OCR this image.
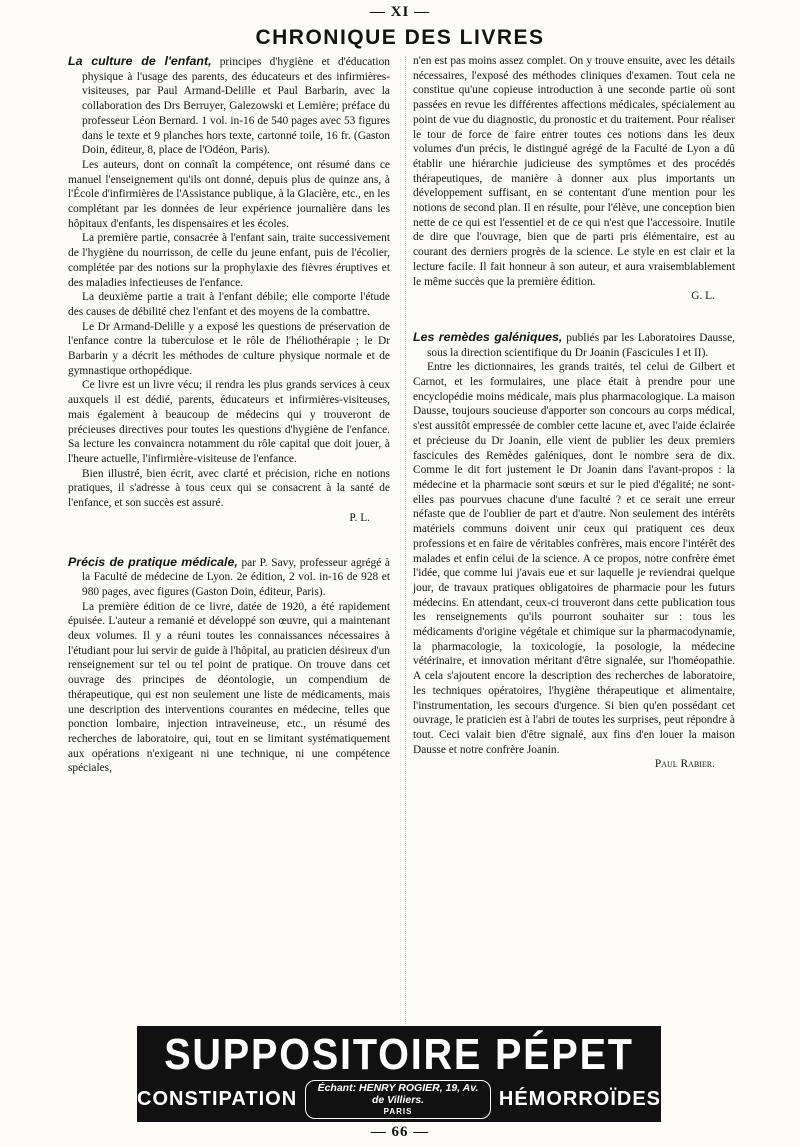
— XI —
CHRONIQUE DES LIVRES

La culture de l'enfant, principes d'hygiène et d'éducation physique à l'usage des parents, des éducateurs et des infirmières-visiteuses, par Paul Armand-Delille et Paul Barbarin, avec la collaboration des Drs Berruyer, Galezowski et Lemière; préface du professeur Léon Bernard. 1 vol. in-16 de 540 pages avec 53 figures dans le texte et 9 planches hors texte, cartonné toile, 16 fr. (Gaston Doin, éditeur, 8, place de l'Odéon, Paris).

Les auteurs, dont on connaît la compétence, ont résumé dans ce manuel l'enseignement qu'ils ont donné, depuis plus de quinze ans, à l'École d'infirmières de l'Assistance publique, à la Glacière, etc., en les complétant par les données de leur expérience journalière dans les hôpitaux d'enfants, les dispensaires et les écoles.

La première partie, consacrée à l'enfant sain, traite successivement de l'hygiène du nourrisson, de celle du jeune enfant, puis de l'écolier, complétée par des notions sur la prophylaxie des fièvres éruptives et des maladies infectieuses de l'enfance.

La deuxième partie a trait à l'enfant débile; elle comporte l'étude des causes de débilité chez l'enfant et des moyens de la combattre.

Le Dr Armand-Delille y a exposé les questions de préservation de l'enfance contre la tuberculose et le rôle de l'héliothérapie ; le Dr Barbarin y a décrit les méthodes de culture physique normale et de gymnastique orthopédique.

Ce livre est un livre vécu; il rendra les plus grands services à ceux auxquels il est dédié, parents, éducateurs et infirmières-visiteuses, mais également à beaucoup de médecins qui y trouveront de précieuses directives pour toutes les questions d'hygiène de l'enfance. Sa lecture les convaincra notamment du rôle capital que doit jouer, à l'heure actuelle, l'infirmière-visiteuse de l'enfance.

Bien illustré, bien écrit, avec clarté et précision, riche en notions pratiques, il s'adresse à tous ceux qui se consacrent à la santé de l'enfance, et son succès est assuré.

P. L.

Précis de pratique médicale, par P. Savy, professeur agrégé à la Faculté de médecine de Lyon. 2e édition, 2 vol. in-16 de 928 et 980 pages, avec figures (Gaston Doin, éditeur, Paris).

La première édition de ce livre, datée de 1920, a été rapidement épuisée. L'auteur a remanié et développé son œuvre, qui a maintenant deux volumes. Il y a réuni toutes les connaissances nécessaires à l'étudiant pour lui servir de guide à l'hôpital, au praticien désireux d'un renseignement sur tel ou tel point de pratique. On trouve dans cet ouvrage des principes de déontologie, un compendium de thérapeutique, qui est non seulement une liste de médicaments, mais une description des interventions courantes en médecine, telles que ponction lombaire, injection intraveineuse, etc., un résumé des recherches de laboratoire, qui, tout en se limitant systématiquement aux opérations n'exigeant ni une technique, ni une compétence spéciales,

n'en est pas moins assez complet. On y trouve ensuite, avec les détails nécessaires, l'exposé des méthodes cliniques d'examen. Tout cela ne constitue qu'une copieuse introduction à une seconde partie où sont passées en revue les différentes affections médicales, spécialement au point de vue du diagnostic, du pronostic et du traitement. Pour réaliser le tour de force de faire entrer toutes ces notions dans les deux volumes d'un précis, le distingué agrégé de la Faculté de Lyon a dû établir une hiérarchie judicieuse des symptômes et des procédés thérapeutiques, de manière à donner aux plus importants un développement suffisant, en se contentant d'une mention pour les notions de second plan. Il en résulte, pour l'élève, une conception bien nette de ce qui est l'essentiel et de ce qui n'est que l'accessoire. Inutile de dire que l'ouvrage, bien que de parti pris élémentaire, est au courant des derniers progrès de la science. Le style en est clair et la lecture facile. Il fait honneur à son auteur, et aura vraisemblablement le même succès que la première édition.

G. L.

Les remèdes galéniques, publiés par les Laboratoires Dausse, sous la direction scientifique du Dr Joanin (Fascicules I et II).

Entre les dictionnaires, les grands traités, tel celui de Gilbert et Carnot, et les formulaires, une place était à prendre pour une encyclopédie moins médicale, mais plus pharmacologique. La maison Dausse, toujours soucieuse d'apporter son concours au corps médical, s'est aussitôt empressée de combler cette lacune et, avec l'aide éclairée et précieuse du Dr Joanin, elle vient de publier les deux premiers fascicules des Remèdes galéniques, dont le nombre sera de dix. Comme le dit fort justement le Dr Joanin dans l'avant-propos : la médecine et la pharmacie sont sœurs et sur le pied d'égalité; ne sont-elles pas pourvues chacune d'une faculté ? et ce serait une erreur néfaste que de l'oublier de part et d'autre. Non seulement des intérêts matériels communs doivent unir ceux qui pratiquent ces deux professions et en faire de véritables confrères, mais encore l'intérêt des malades et enfin celui de la science. A ce propos, notre confrère émet l'idée, que comme lui j'avais eue et sur laquelle je reviendrai quelque jour, de travaux pratiques obligatoires de pharmacie pour les futurs médecins. En attendant, ceux-ci trouveront dans cette publication tous les renseignements qu'ils pourront souhaiter sur : tous les médicaments d'origine végétale et chimique sur la pharmacodynamie, la pharmacologie, la toxicologie, la posologie, la médecine vétérinaire, et innovation méritant d'être signalée, sur l'homéopathie. A cela s'ajoutent encore la description des recherches de laboratoire, les techniques opératoires, l'hygiène thérapeutique et alimentaire, l'instrumentation, les secours d'urgence. Si bien qu'en possédant cet ouvrage, le praticien est à l'abri de toutes les surprises, peut répondre à tout. Ceci valait bien d'être signalé, aux fins d'en louer la maison Dausse et notre confrère Joanin.

Paul Rabier.

SUPPOSITOIRE PÉPET
CONSTIPATION	Échant: HENRY ROGIER, 19, Av. de Villiers.
PARIS
HÉMORROÏDES
— 66 —
